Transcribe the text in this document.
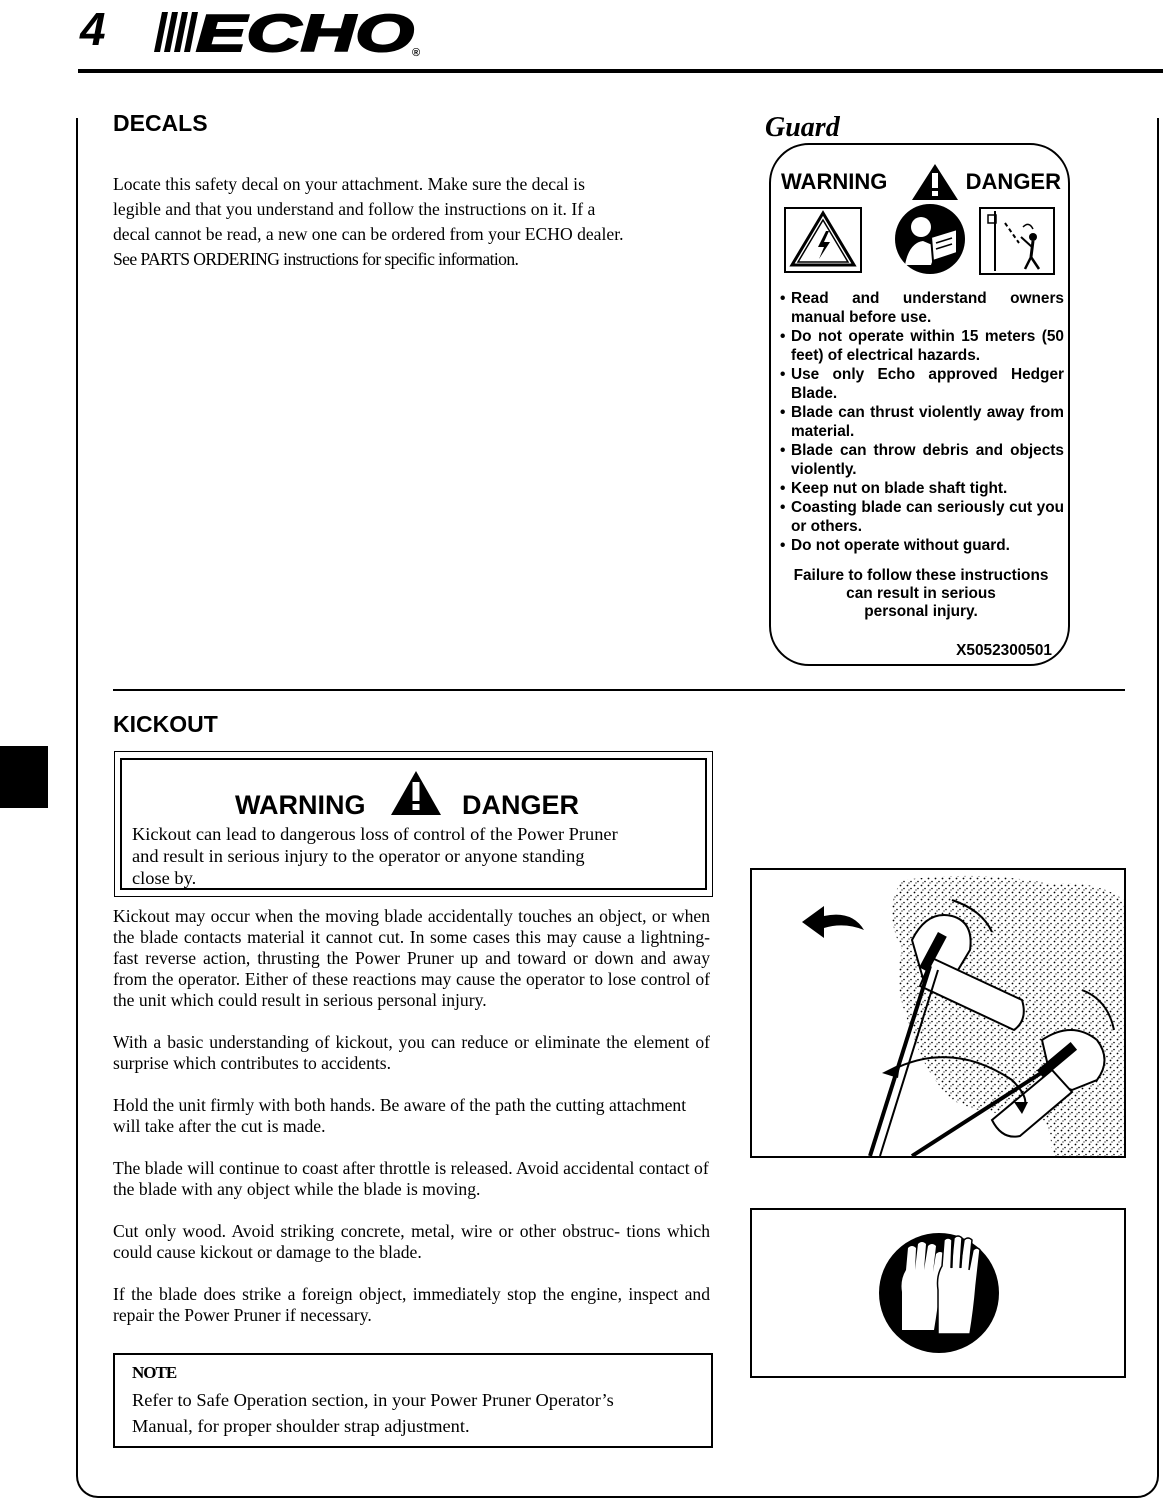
4 ECHO
®
DECALS

Locate this safety decal on your attachment. Make sure the decal is

legible and that you understand and follow the instructions on it. If a

decal cannot be read, a new one can be ordered from your ECHO dealer.

See PARTS ORDERING instructions for specific information.

Guard
WARNING	DANGER
• Read and understand owners manual before use.
• Do not operate within 15 meters (50 feet) of electrical hazards.
• Use only Echo approved Hedger Blade.
• Blade can thrust violently away from material.
• Blade can throw debris and objects violently.
• Keep nut on blade shaft tight.
• Coasting blade can seriously cut you or others.
• Do not operate without guard.
Failure to follow these instructions
can result in serious
personal injury.
X5052300501
KICKOUT
WARNING	DANGER
Kickout can lead to dangerous loss of control of the Power Pruner
and result in serious injury to the operator or anyone standing
close by.

Kickout may occur when the moving blade accidentally touches an object, or when the blade contacts material it cannot cut. In some cases this may cause a lightning-fast reverse action, thrusting the Power Pruner up and toward or down and away from the operator. Either of these reactions may cause the operator to lose control of the unit which could result in serious personal injury.

With a basic understanding of kickout, you can reduce or eliminate the element of surprise which contributes to accidents.

Hold the unit firmly with both hands. Be aware of the path the cutting attachment will take after the cut is made.

The blade will continue to coast after throttle is released. Avoid accidental contact of the blade with any object while the blade is moving.

Cut only wood. Avoid striking concrete, metal, wire or other obstruc- tions which could cause kickout or damage to the blade.

If the blade does strike a foreign object, immediately stop the engine, inspect and repair the Power Pruner if necessary.

NOTE
Refer to Safe Operation section, in your Power Pruner Operator’s
Manual, for proper shoulder strap adjustment.
